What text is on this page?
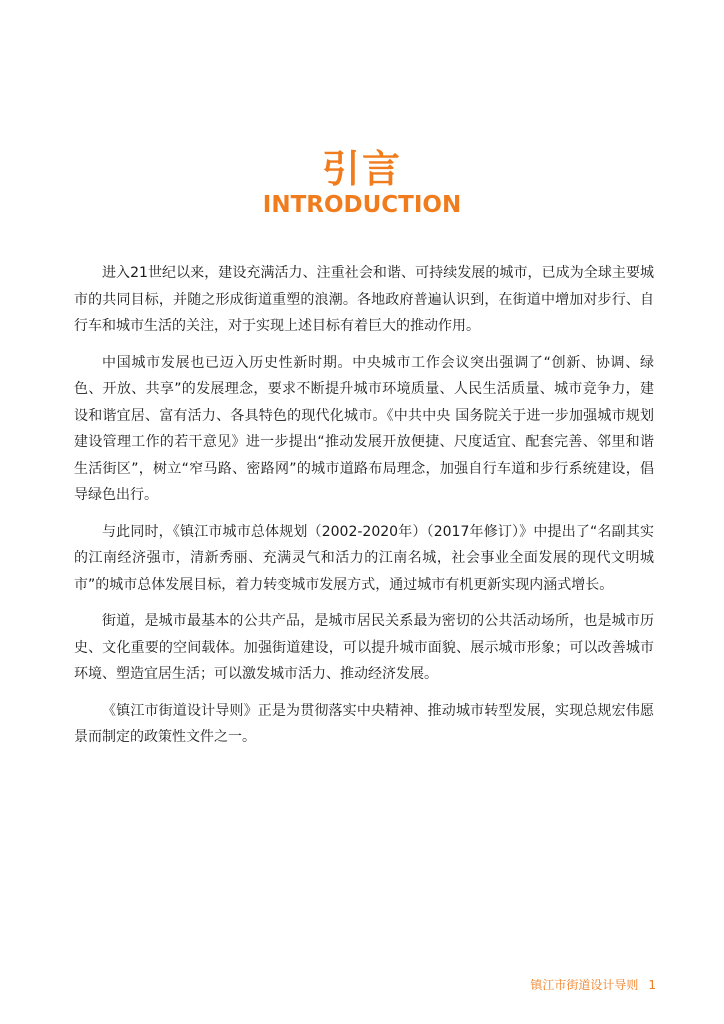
引言
INTRODUCTION

进入21世纪以来，建设充满活力、注重社会和谐、可持续发展的城市，已成为全球主要城市的共同目标，并随之形成街道重塑的浪潮。各地政府普遍认识到，在街道中增加对步行、自行车和城市生活的关注，对于实现上述目标有着巨大的推动作用。

中国城市发展也已迈入历史性新时期。中央城市工作会议突出强调了“创新、协调、绿色、开放、共享”的发展理念，要求不断提升城市环境质量、人民生活质量、城市竞争力，建设和谐宜居、富有活力、各具特色的现代化城市。《中共中央 国务院关于进一步加强城市规划建设管理工作的若干意见》进一步提出“推动发展开放便捷、尺度适宜、配套完善、邻里和谐生活街区”，树立“窄马路、密路网”的城市道路布局理念，加强自行车道和步行系统建设，倡导绿色出行。

与此同时，《镇江市城市总体规划（2002-2020年）（2017年修订）》中提出了“名副其实的江南经济强市，清新秀丽、充满灵气和活力的江南名城，社会事业全面发展的现代文明城市”的城市总体发展目标，着力转变城市发展方式，通过城市有机更新实现内涵式增长。

街道，是城市最基本的公共产品，是城市居民关系最为密切的公共活动场所，也是城市历史、文化重要的空间载体。加强街道建设，可以提升城市面貌、展示城市形象；可以改善城市环境、塑造宜居生活；可以激发城市活力、推动经济发展。

《镇江市街道设计导则》正是为贯彻落实中央精神、推动城市转型发展，实现总规宏伟愿景而制定的政策性文件之一。

镇江市街道设计导则 1
